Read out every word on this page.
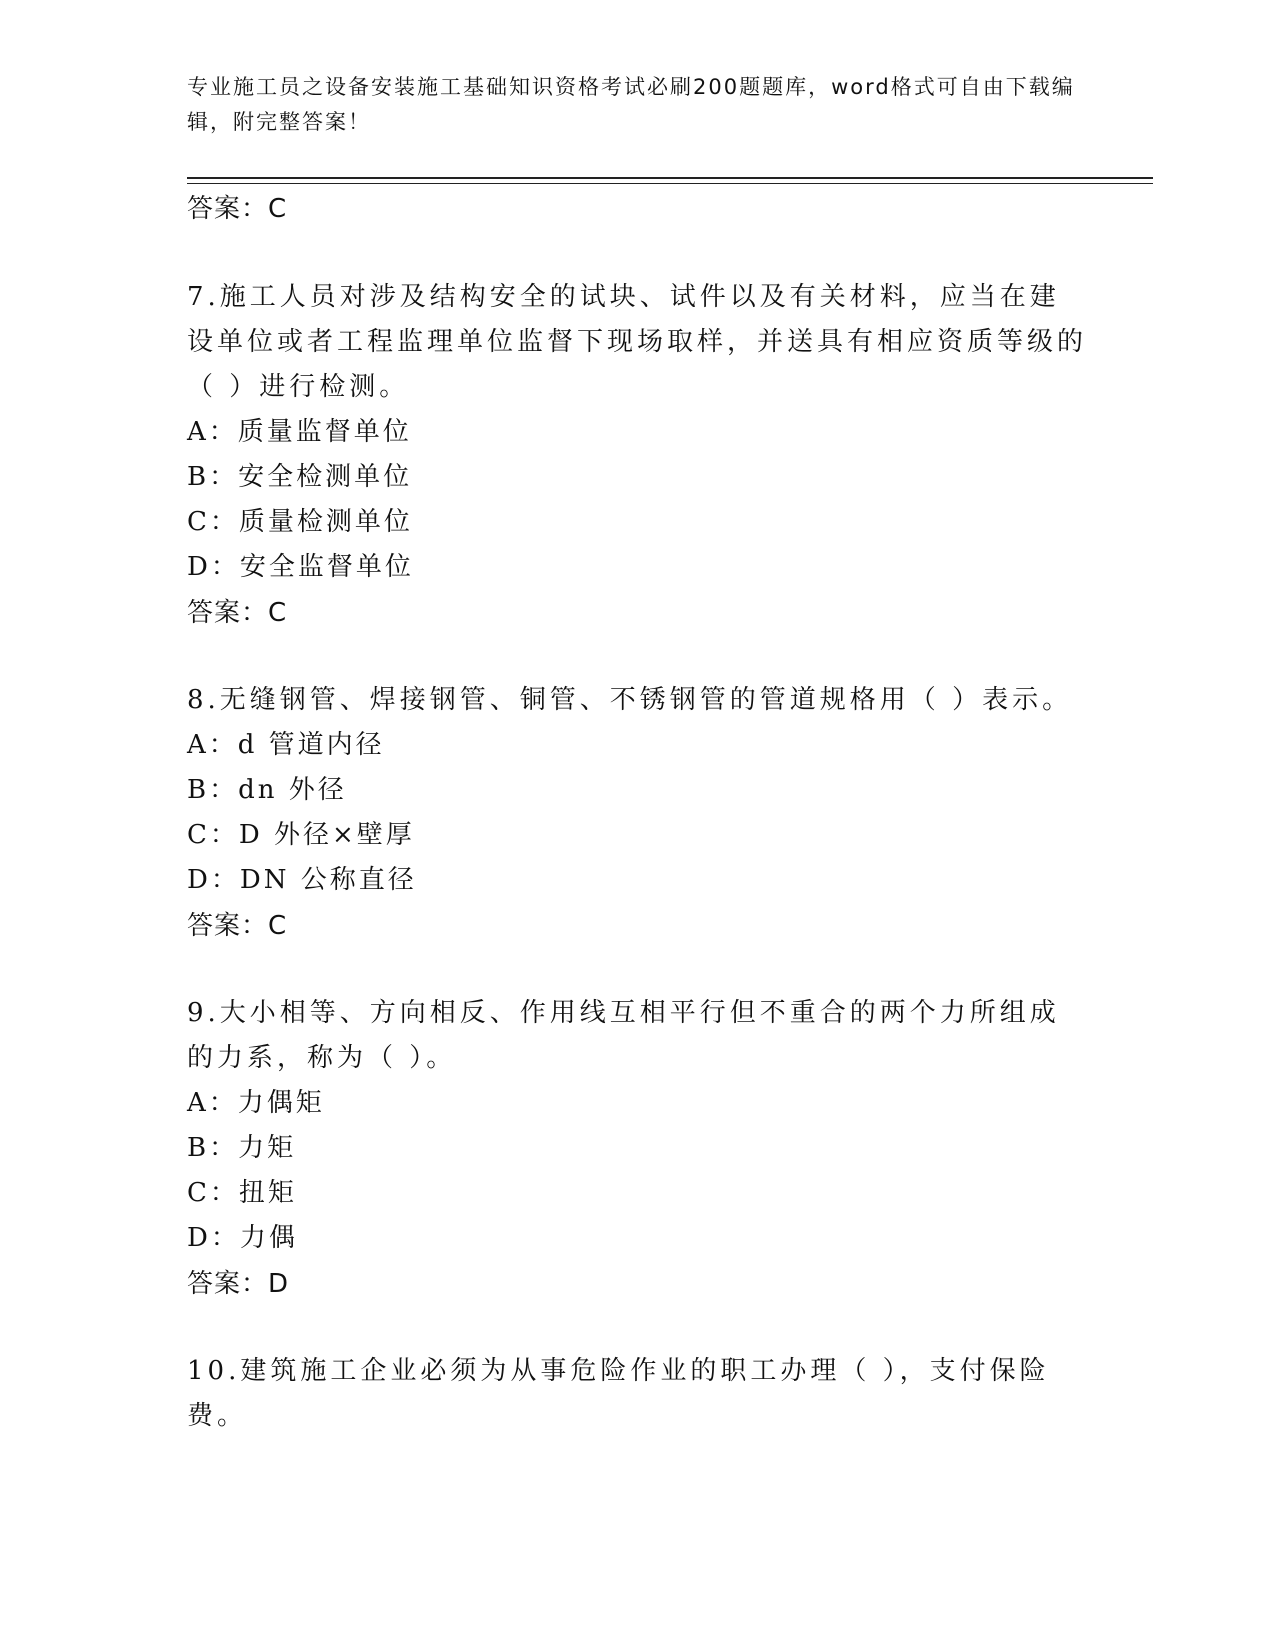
专业施工员之设备安装施工基础知识资格考试必刷200题题库，word格式可自由下载编辑，附完整答案！
答案：C
7.施工人员对涉及结构安全的试块、试件以及有关材料，应当在建设单位或者工程监理单位监督下现场取样，并送具有相应资质等级的（ ）进行检测。
A：质量监督单位
B：安全检测单位
C：质量检测单位
D：安全监督单位
答案：C
8.无缝钢管、焊接钢管、铜管、不锈钢管的管道规格用（ ）表示。
A：d 管道内径
B：dn 外径
C：D 外径×壁厚
D：DN 公称直径
答案：C
9.大小相等、方向相反、作用线互相平行但不重合的两个力所组成的力系，称为（ ）。
A：力偶矩
B：力矩
C：扭矩
D：力偶
答案：D
10.建筑施工企业必须为从事危险作业的职工办理（ ），支付保险费。
